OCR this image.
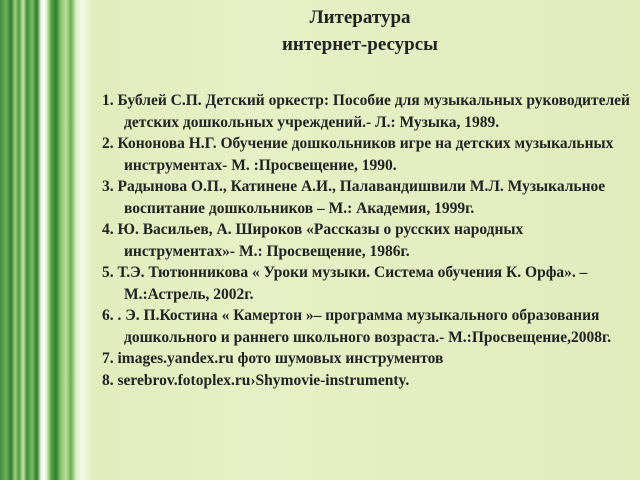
Литература
интернет-ресурсы
1. Бублей С.П. Детский оркестр: Пособие для музыкальных руководителей детских дошкольных учреждений.- Л.: Музыка, 1989.
2. Кононова Н.Г. Обучение дошкольников игре на детских музыкальных инструментах- М. :Просвещение, 1990.
3. Радынова О.П., Катинене А.И., Палавандишвили М.Л. Музыкальное воспитание дошкольников – М.: Академия, 1999г.
4. Ю. Васильев, А. Широков «Рассказы о русских народных инструментах»- М.: Просвещение, 1986г.
5. Т.Э. Тютюнникова « Уроки музыки. Система обучения К. Орфа». –М.:Астрель, 2002г.
6. . Э. П.Костина « Камертон »– программа музыкального образования дошкольного и раннего школьного возраста.- М.:Просвещение,2008г.
7. images.yandex.ru фото шумовых инструментов
8. serebrov.fotoplex.ru›Shymovie-instrumenty.
